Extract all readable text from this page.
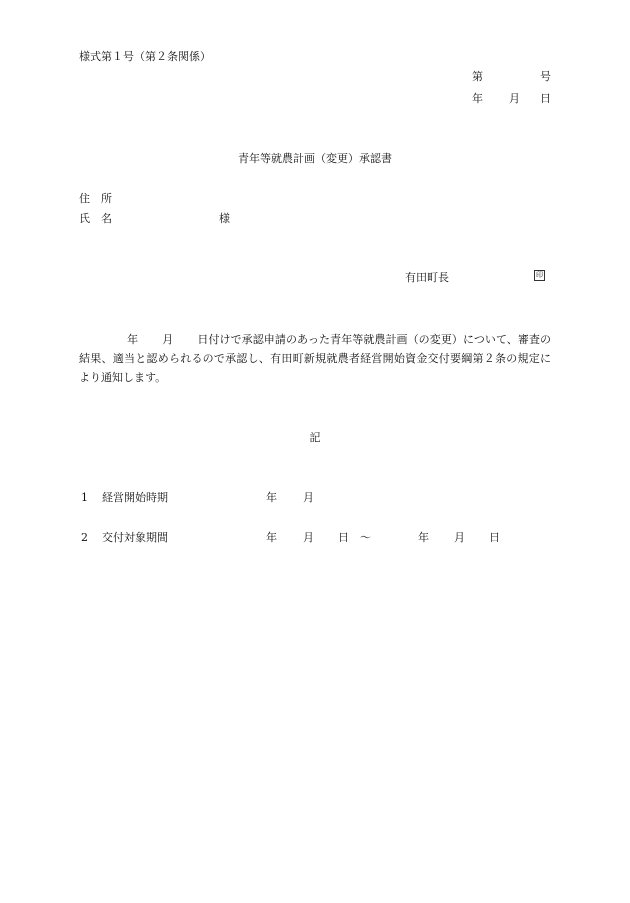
様式第１号（第２条関係）
第	号
年 月 日
青年等就農計画（変更）承認書
住所
氏名	様
有田町長	印
年 月 日付けで承認申請のあった青年等就農計画（の変更）について、審査の結果、適当と認められるので承認し、有田町新規就農者経営開始資金交付要綱第２条の規定により通知します。
記
1 経営開始時期	年 月
2 交付対象期間	年 月 日 ～	年 月 日
